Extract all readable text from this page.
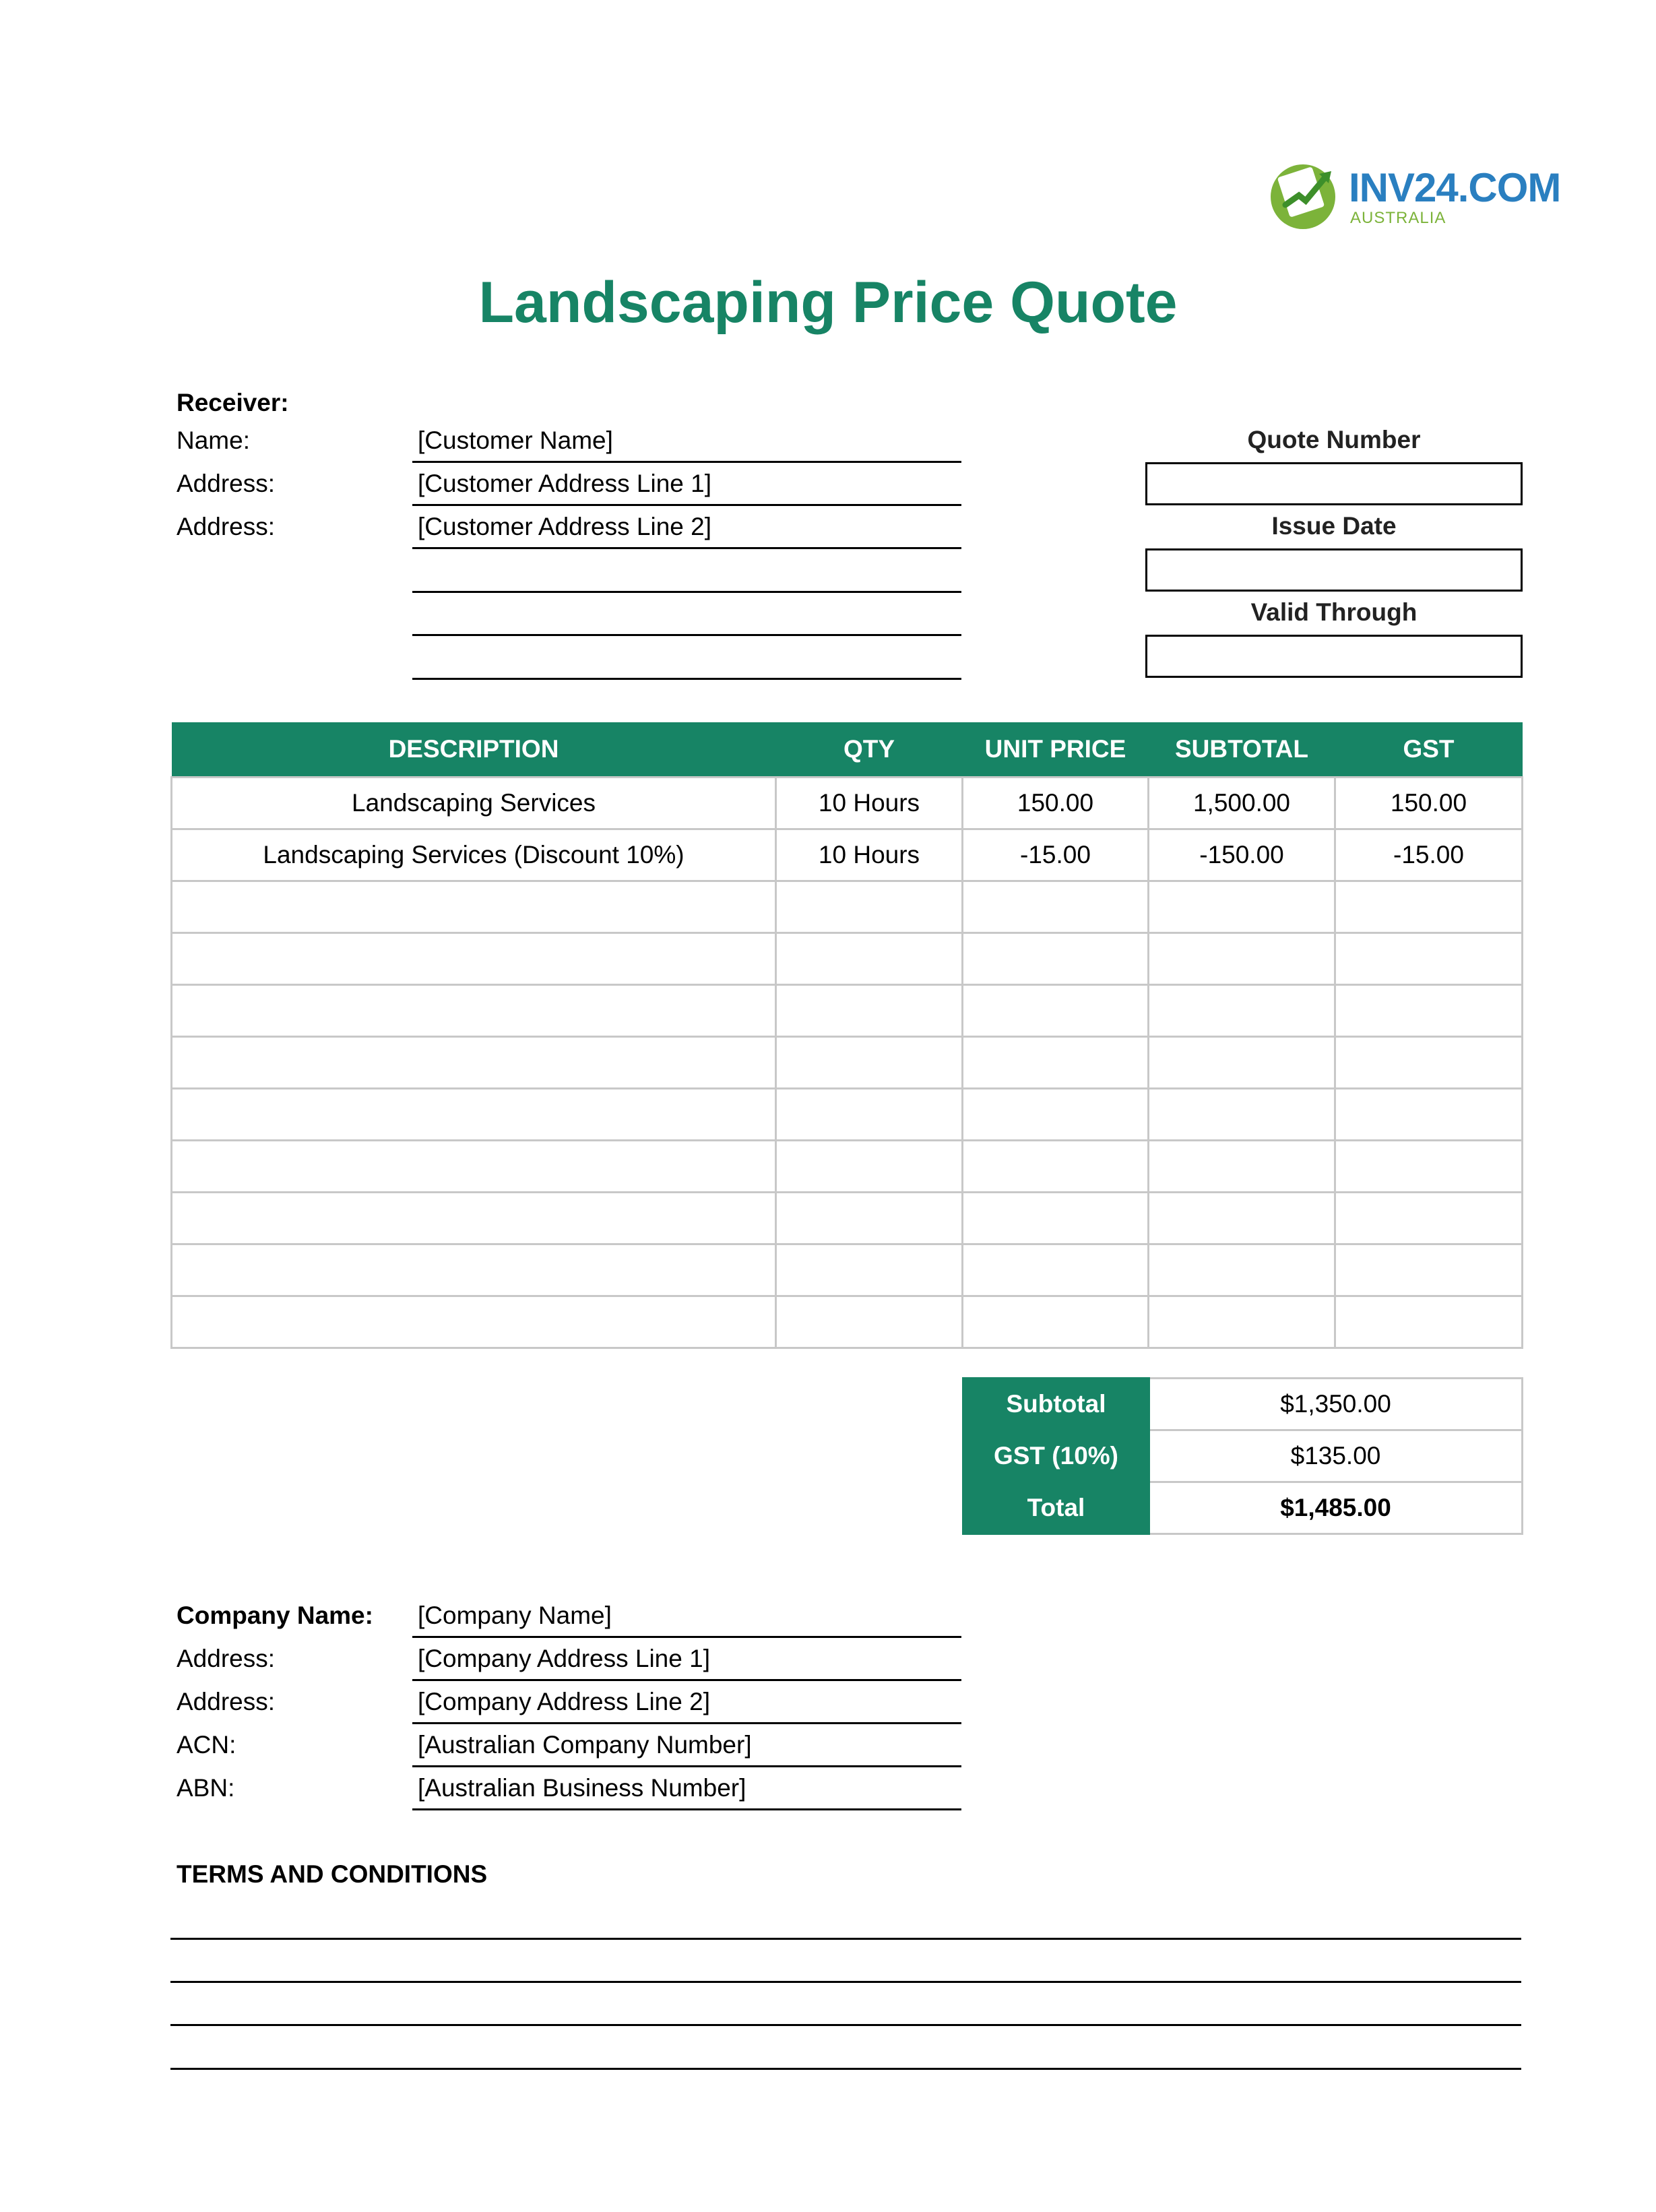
INV24.COM
AUSTRALIA
Landscaping Price Quote
Receiver:
Name:	[Customer Name]
Address:	[Customer Address Line 1]
Address:	[Customer Address Line 2]
Quote Number
Issue Date
Valid Through
DESCRIPTION	QTY	UNIT PRICE	SUBTOTAL	GST
Landscaping Services	10 Hours	150.00	1,500.00	150.00
Landscaping Services (Discount 10%)	10 Hours	-15.00	-150.00	-15.00

Subtotal	$1,350.00
GST (10%)	$135.00
Total	$1,485.00
Company Name: [Company Name]
Address:	[Company Address Line 1]
Address:	[Company Address Line 2]
ACN:	[Australian Company Number]
ABN:	[Australian Business Number]
TERMS AND CONDITIONS
